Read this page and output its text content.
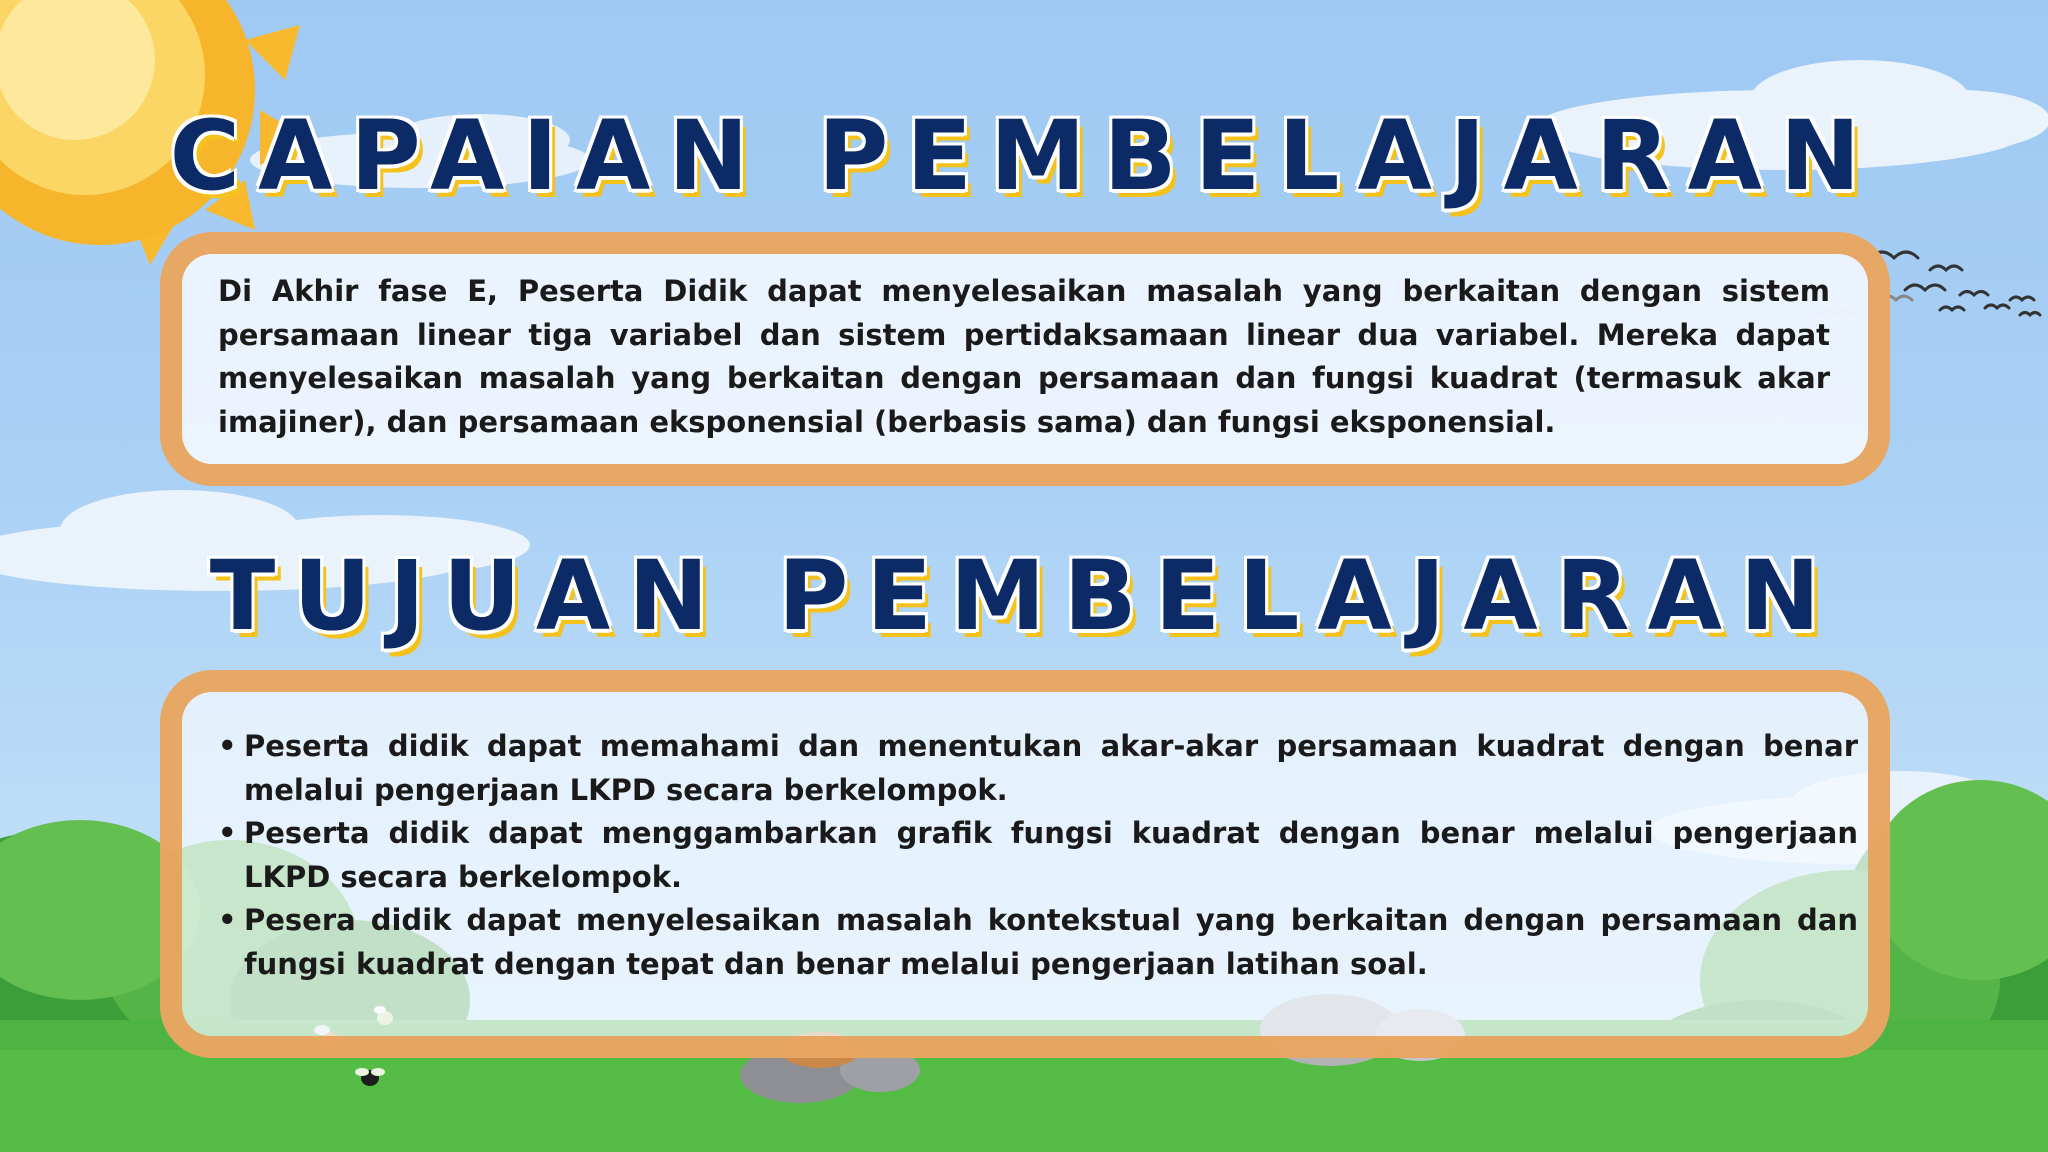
CAPAIAN PEMBELAJARAN
Di Akhir fase E, Peserta Didik dapat menyelesaikan masalah yang berkaitan dengan sistem persamaan linear tiga variabel dan sistem pertidaksamaan linear dua variabel. Mereka dapat menyelesaikan masalah yang berkaitan dengan persamaan dan fungsi kuadrat (termasuk akar imajiner), dan persamaan eksponensial (berbasis sama) dan fungsi eksponensial.
TUJUAN PEMBELAJARAN
• Peserta didik dapat memahami dan menentukan akar-akar persamaan kuadrat dengan benar melalui pengerjaan LKPD secara berkelompok.
• Peserta didik dapat menggambarkan grafik fungsi kuadrat dengan benar melalui pengerjaan LKPD secara berkelompok.
• Pesera didik dapat menyelesaikan masalah kontekstual yang berkaitan dengan persamaan dan fungsi kuadrat dengan tepat dan benar melalui pengerjaan latihan soal.
